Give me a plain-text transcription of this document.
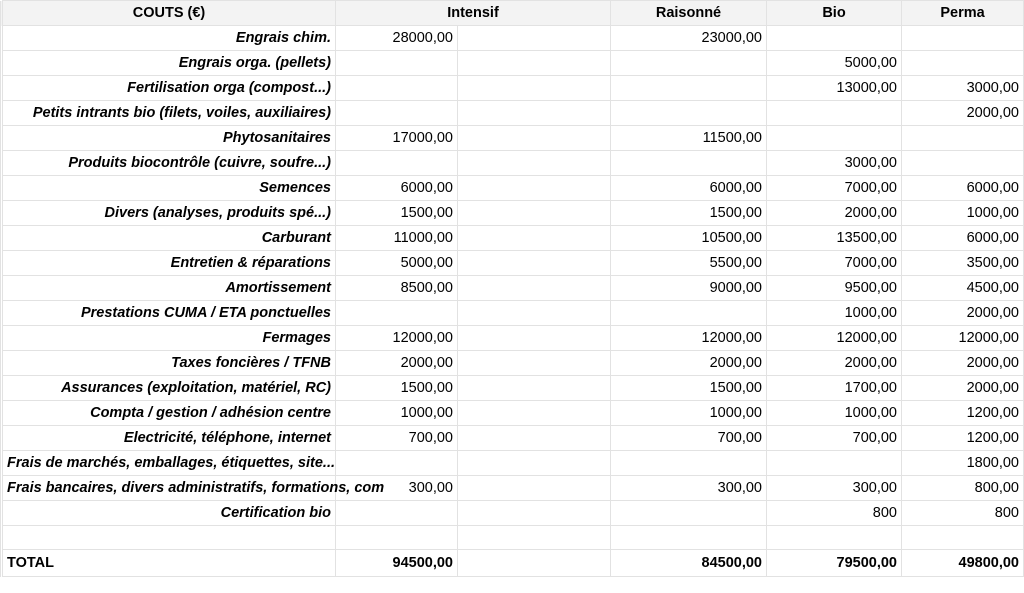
	COUTS (€)	Intensif		Raisonné	Bio	Perma
	Engrais chim.	28000,00		23000,00		
	Engrais orga. (pellets)				5000,00	
	Fertilisation orga (compost...)				13000,00	3000,00
	Petits intrants bio (filets, voiles, auxiliaires)					2000,00
	Phytosanitaires	17000,00		11500,00		
	Produits biocontrôle (cuivre, soufre...)				3000,00	
	Semences	6000,00		6000,00	7000,00	6000,00
	Divers (analyses, produits spé...)	1500,00		1500,00	2000,00	1000,00
	Carburant	11000,00		10500,00	13500,00	6000,00
	Entretien & réparations	5000,00		5500,00	7000,00	3500,00
	Amortissement	8500,00		9000,00	9500,00	4500,00
	Prestations CUMA / ETA ponctuelles				1000,00	2000,00
	Fermages	12000,00		12000,00	12000,00	12000,00
	Taxes foncières / TFNB	2000,00		2000,00	2000,00	2000,00
	Assurances (exploitation, matériel, RC)	1500,00		1500,00	1700,00	2000,00
	Compta / gestion / adhésion centre	1000,00		1000,00	1000,00	1200,00
	Electricité, téléphone, internet	700,00		700,00	700,00	1200,00
	Frais de marchés, emballages, étiquettes, site...					1800,00
	Frais bancaires, divers administratifs, formations, com	300,00		300,00	300,00	800,00
	Certification bio				800	800

	TOTAL	94500,00		84500,00	79500,00	49800,00
